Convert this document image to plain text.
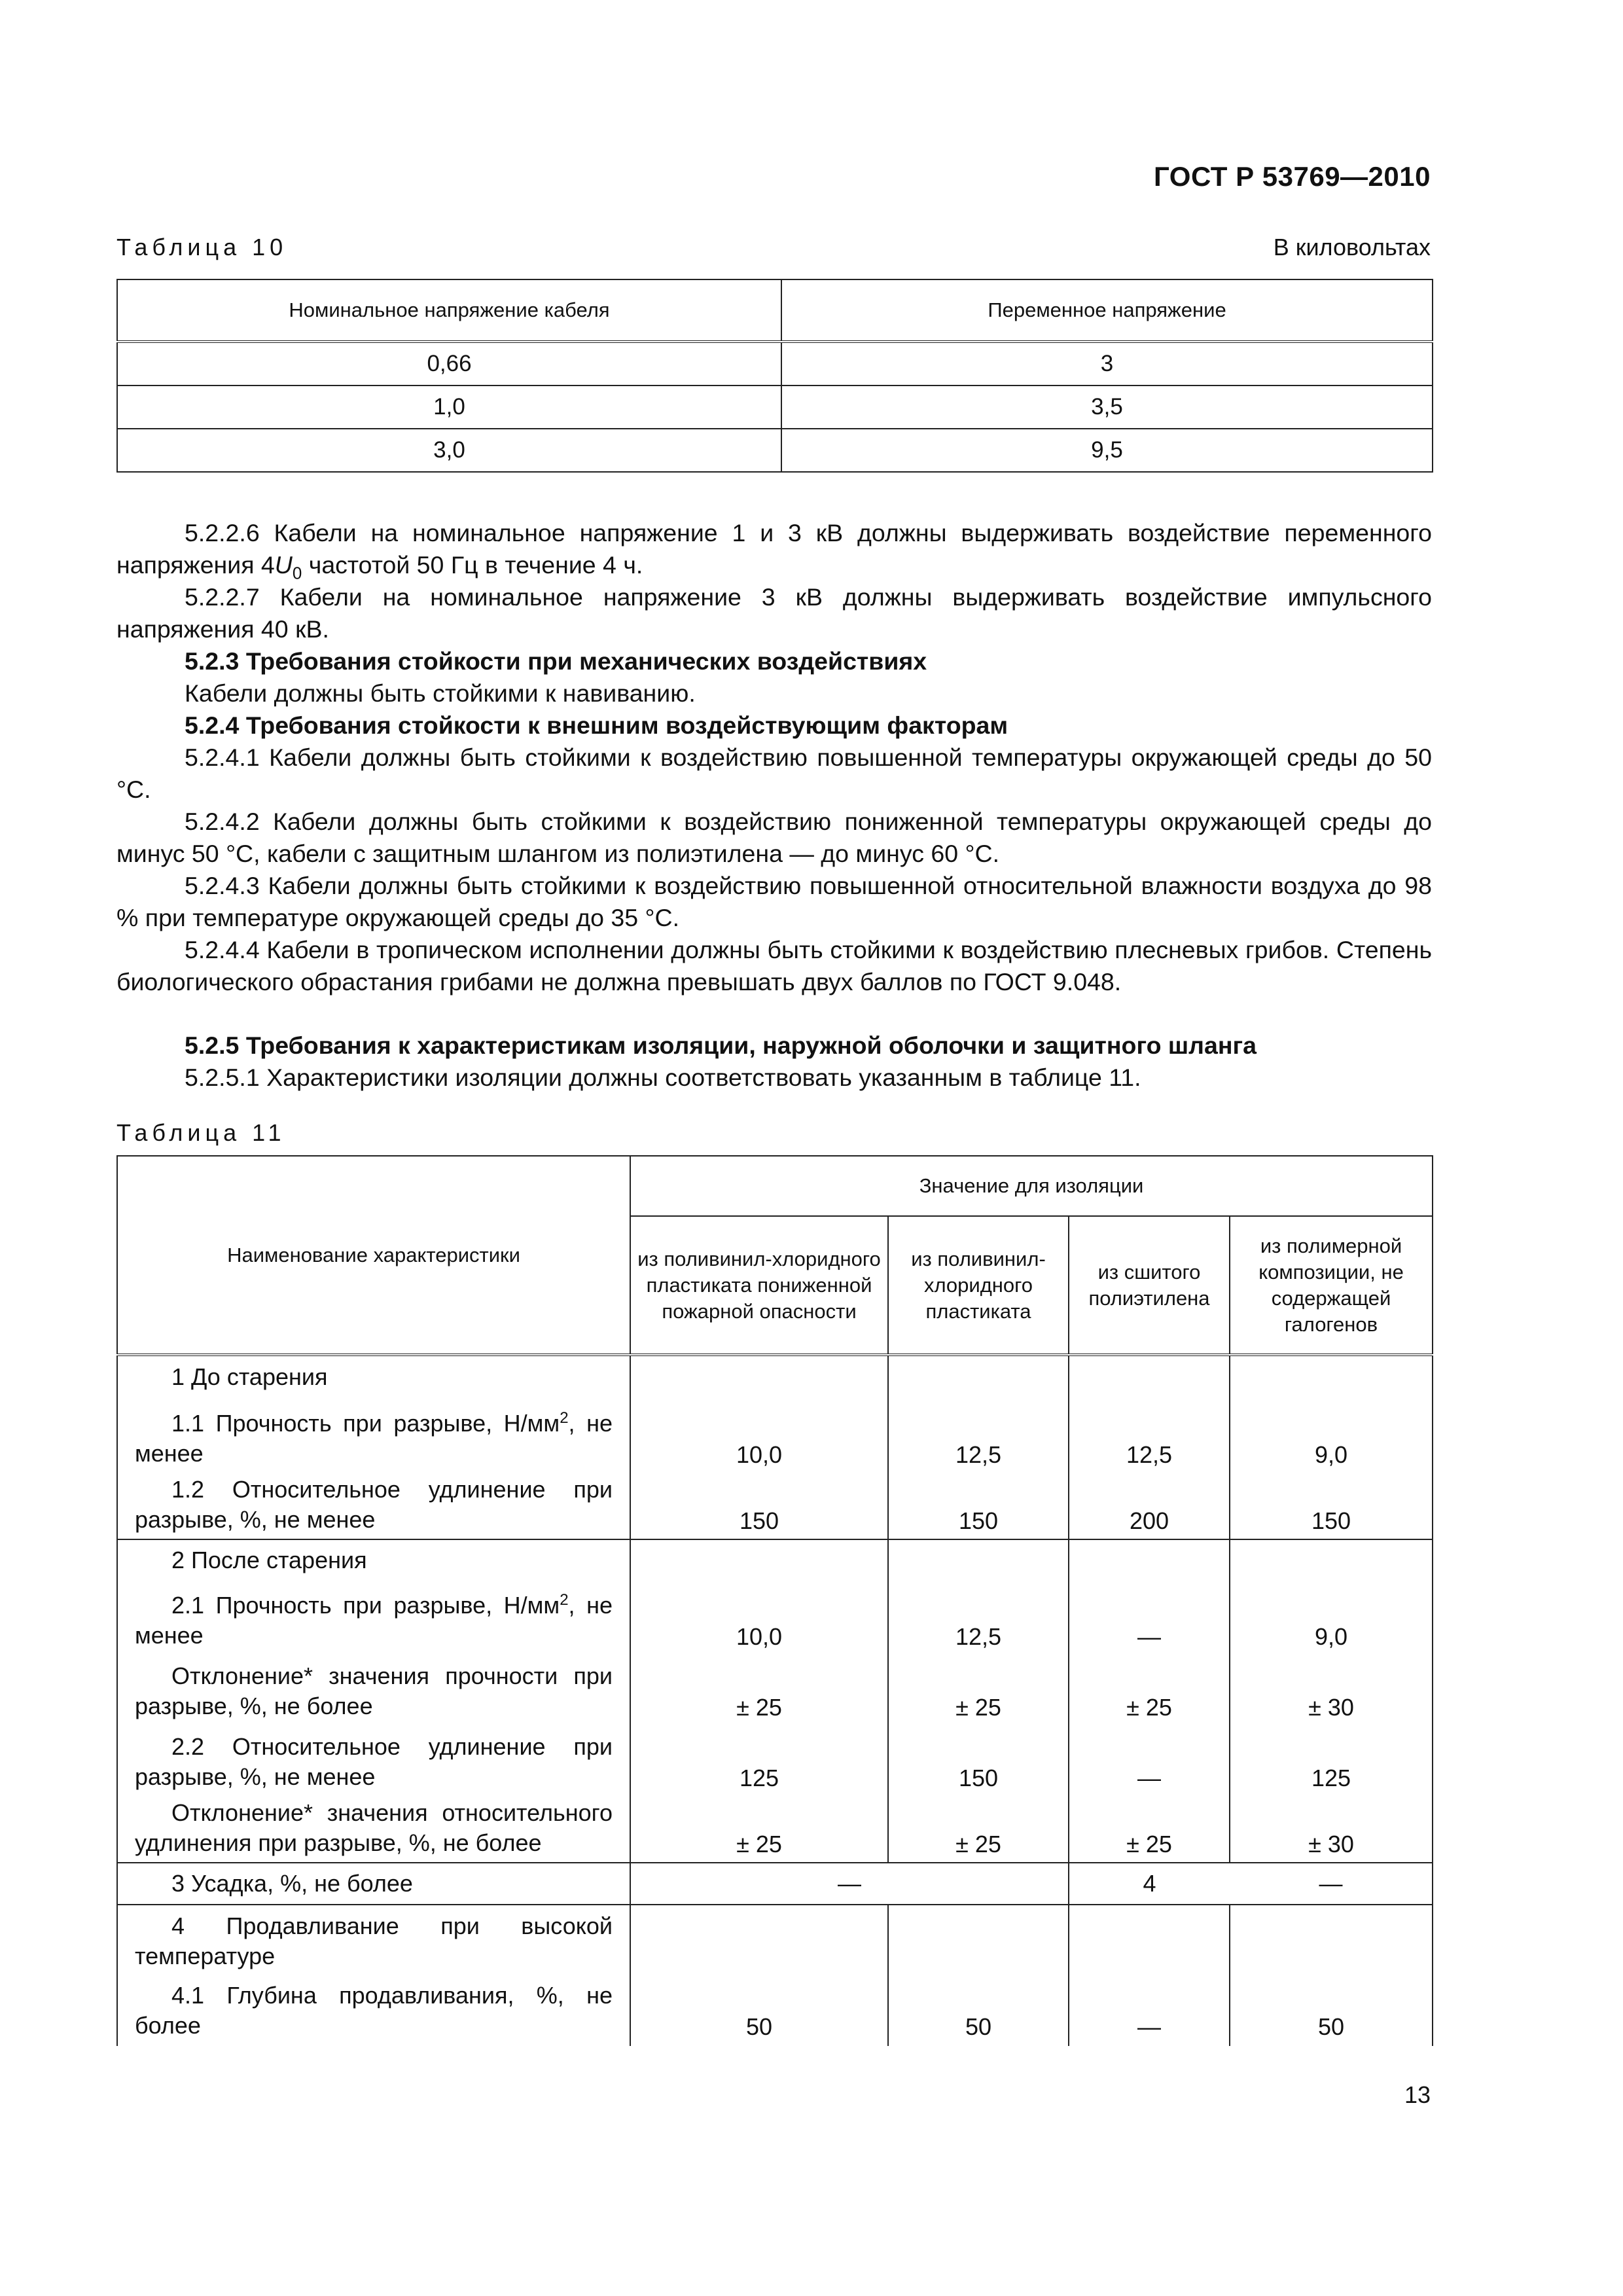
ГОСТ Р 53769—2010
Таблица 10	В киловольтах
Номинальное напряжение кабеля	Переменное напряжение
0,66	3
1,0	3,5
3,0	9,5
5.2.2.6 Кабели на номинальное напряжение 1 и 3 кВ должны выдерживать воздействие переменного напряжения $4U_0$ частотой 50 Гц в течение 4 ч.
5.2.2.7 Кабели на номинальное напряжение 3 кВ должны выдерживать воздействие импульсного напряжения 40 кВ.
5.2.3 Требования стойкости при механических воздействиях
Кабели должны быть стойкими к навиванию.
5.2.4 Требования стойкости к внешним воздействующим факторам
5.2.4.1 Кабели должны быть стойкими к воздействию повышенной температуры окружающей среды до 50 °С.
5.2.4.2 Кабели должны быть стойкими к воздействию пониженной температуры окружающей среды до минус 50 °С, кабели с защитным шлангом из полиэтилена — до минус 60 °С.
5.2.4.3 Кабели должны быть стойкими к воздействию повышенной относительной влажности воздуха до 98 % при температуре окружающей среды до 35 °С.
5.2.4.4 Кабели в тропическом исполнении должны быть стойкими к воздействию плесневых грибов. Степень биологического обрастания грибами не должна превышать двух баллов по ГОСТ 9.048.
5.2.5 Требования к характеристикам изоляции, наружной оболочки и защитного шланга
5.2.5.1 Характеристики изоляции должны соответствовать указанным в таблице 11.
Таблица 11
Наименование характеристики	Значение для изоляции			
	из поливинил-хлоридного пластиката пониженной пожарной опасности	из поливинил-хлоридного пластиката	из сшитого полиэтилена	из полимерной композиции, не содержащей галогенов
1 До старения				
1.1 Прочность при разрыве, $Н/мм^2$, не менее	10,0	12,5	12,5	9,0
1.2 Относительное удлинение при разрыве, %, не менее	150	150	200	150
2 После старения				
2.1 Прочность при разрыве, $Н/мм^2$, не менее	10,0	12,5	—	9,0
Отклонение* значения прочности при разрыве, %, не более	± 25	± 25	± 25	± 30
2.2 Относительное удлинение при разрыве, %, не менее	125	150	—	125
Отклонение* значения относительного удлинения при разрыве, %, не более	± 25	± 25	± 25	± 30
3 Усадка, %, не более	—		4	—
4 Продавливание при высокой температуре				
4.1 Глубина продавливания, %, не более	50	50	—	50
13
